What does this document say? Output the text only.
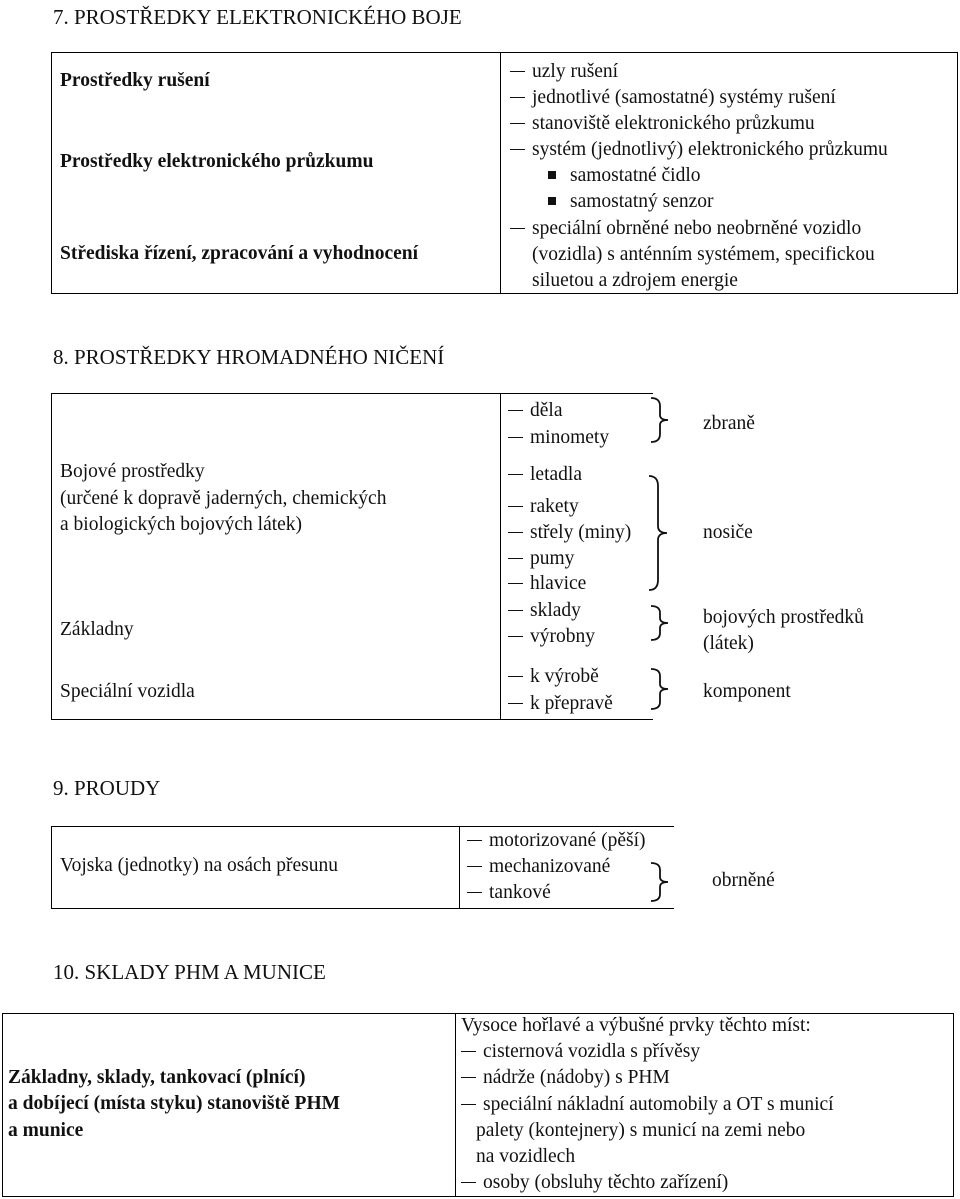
7. PROSTŘEDKY ELEKTRONICKÉHO BOJE
Prostředky rušení
Prostředky elektronického průzkumu
Střediska řízení, zpracování a vyhodnocení
uzly rušení
jednotlivé (samostatné) systémy rušení
stanoviště elektronického průzkumu
systém (jednotlivý) elektronického průzkumu
samostatné čidlo
samostatný senzor
speciální obrněné nebo neobrněné vozidlo
(vozidla) s anténním systémem, specifickou
siluetou a zdrojem energie
8. PROSTŘEDKY HROMADNÉHO NIČENÍ
Bojové prostředky
(určené k dopravě jaderných, chemických
a biologických bojových látek)
Základny
Speciální vozidla
děla
minomety
letadla
rakety
střely (miny)
pumy
hlavice
sklady
výrobny
k výrobě
k přepravě
zbraně
nosiče
bojových prostředků
(látek)
komponent
9. PROUDY
Vojska (jednotky) na osách přesunu
motorizované (pěší)
mechanizované
tankové
obrněné
10. SKLADY PHM A MUNICE
Základny, sklady, tankovací (plnící)
a dobíjecí (místa styku) stanoviště PHM
a munice
Vysoce hořlavé a výbušné prvky těchto míst:
cisternová vozidla s přívěsy
nádrže (nádoby) s PHM
speciální nákladní automobily a OT s municí
palety (kontejnery) s municí na zemi nebo
na vozidlech
osoby (obsluhy těchto zařízení)
